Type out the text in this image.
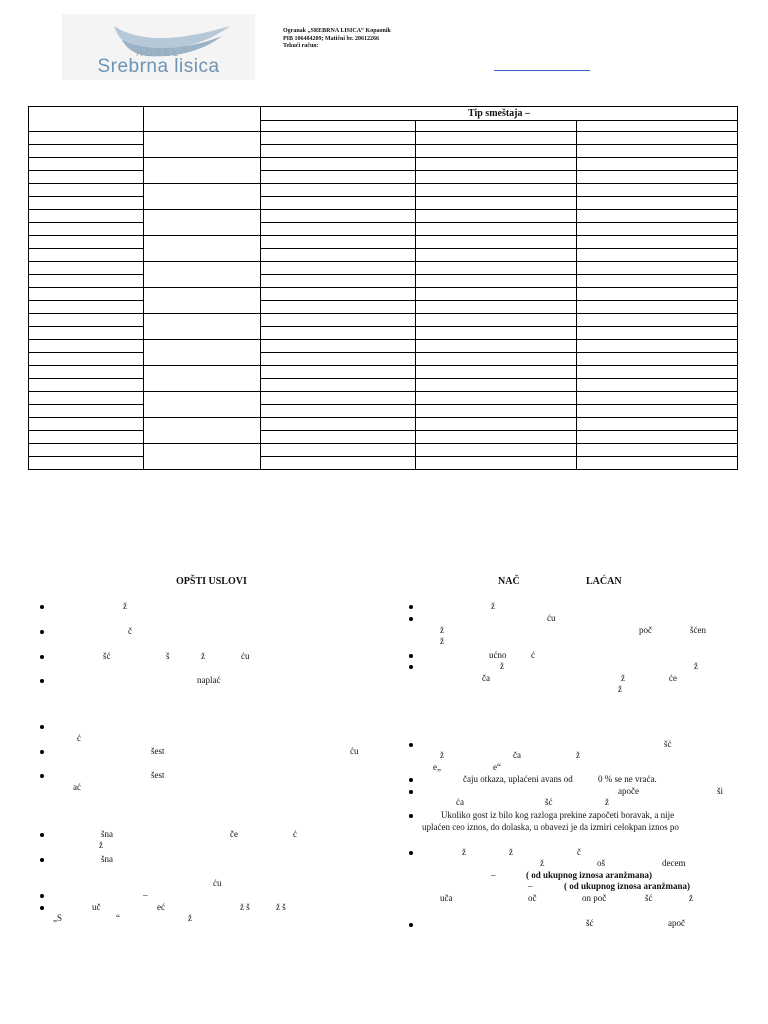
HOTEL
Srebrna lisica
Ogranak „SREBRNA LISICA“ Kopaonik
PIB 106484209; Matični br. 20612266
Tekući račun:
Tip smeštaja –
OPŠTI USLOVI
ž
č
šć	š	ž	ću
naplać
ć
šest	ću
šest
ać
šna	če	ć
ž
šna
ću
–
uč	eć	ž š	ž š
„S	“	ž
NAČ	LAĆAN
ž
ću
ž	poč	šćen
ž
ućno	ć
ž	ž
ča	ž	će
ž
šć
ž	ča	ž
e„	e“
čaju otkaza, uplaćeni avans od	0 % se ne vraća.
apoče	ši
ća	šć	ž
Ukoliko gost iz bilo kog razloga prekine započeti boravak, a nije
uplaćen ceo iznos, do dolaska, u obavezi je da izmiri celokpan iznos po
ž	ž	č
ž	oš	decem
–	( od ukupnog iznosa aranžmana)
–	( od ukupnog iznosa aranžmana)
uča	oč	on poč	šć	ž
šć	apoč
